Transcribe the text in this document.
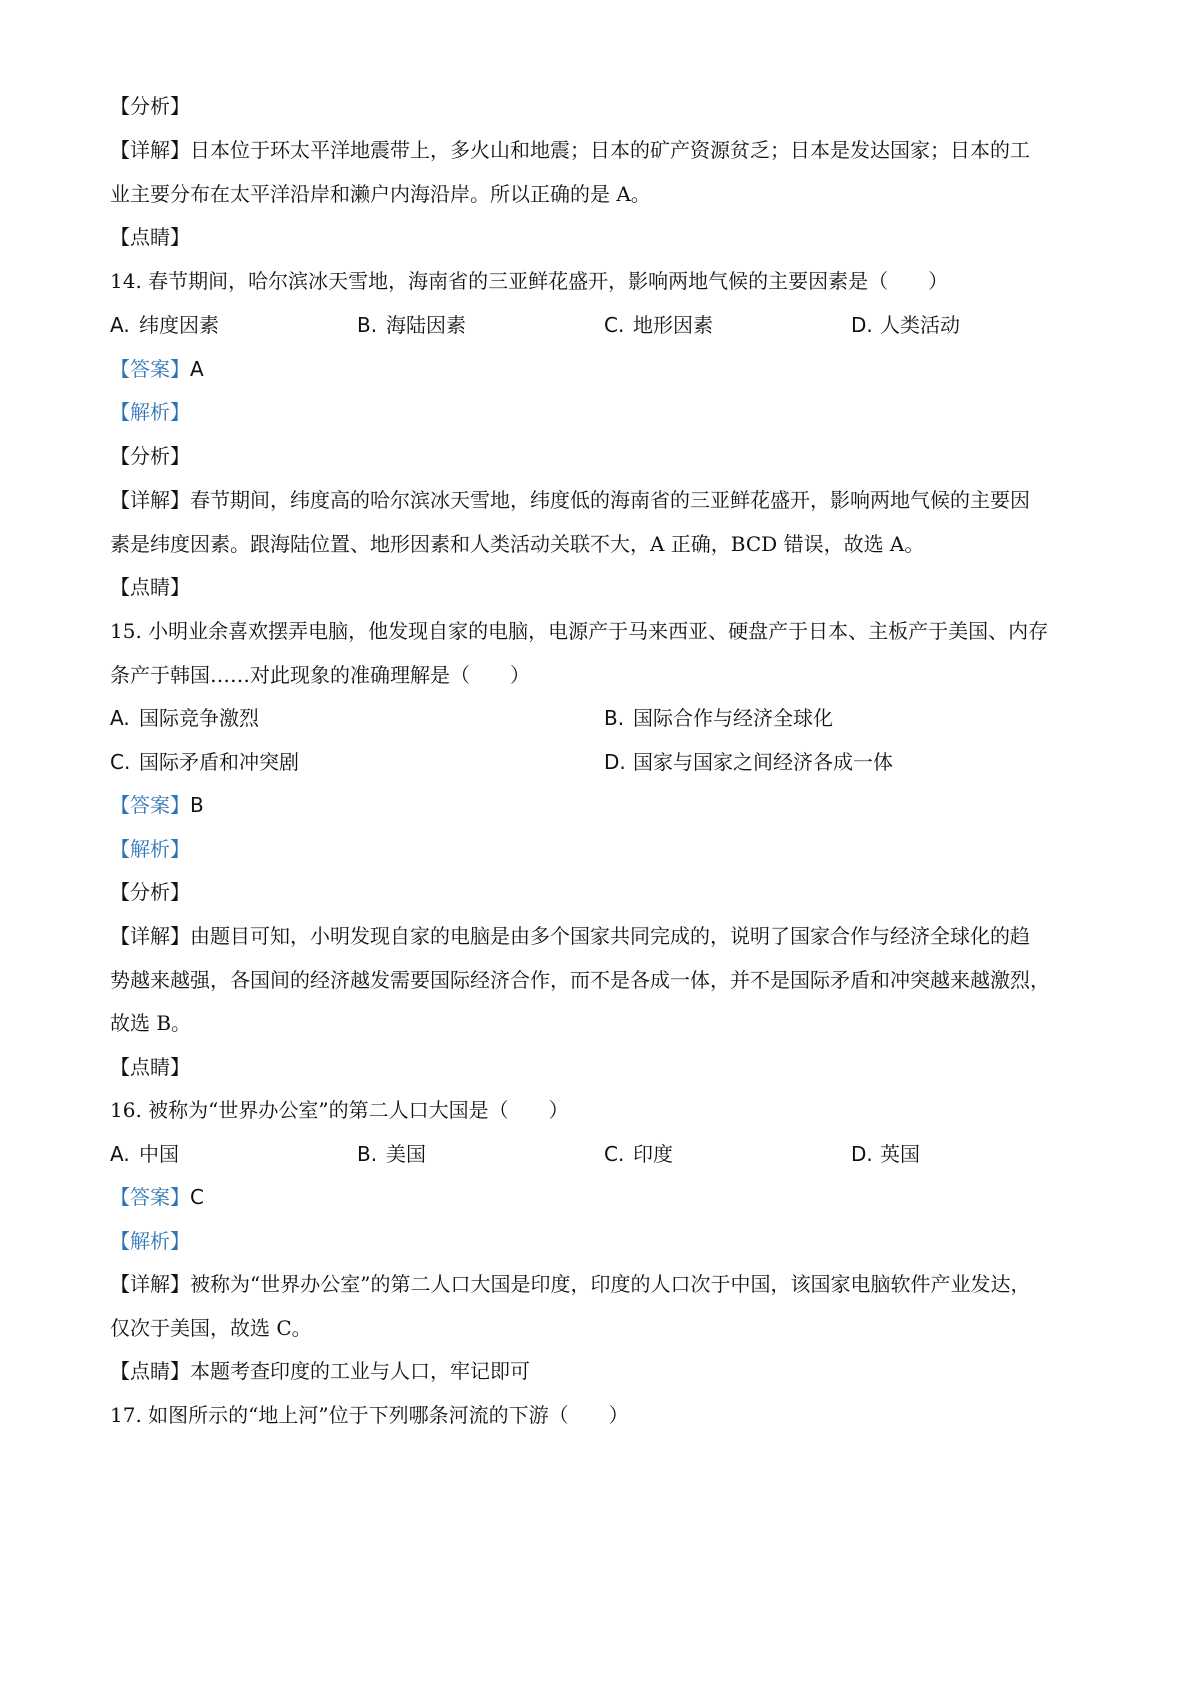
【分析】
【详解】日本位于环太平洋地震带上，多火山和地震；日本的矿产资源贫乏；日本是发达国家；日本的工
业主要分布在太平洋沿岸和濑户内海沿岸。所以正确的是 A。
【点睛】
14. 春节期间，哈尔滨冰天雪地，海南省的三亚鲜花盛开，影响两地气候的主要因素是（　　）
A. 纬度因素	B. 海陆因素	C. 地形因素	D. 人类活动
【答案】A
【解析】
【分析】
【详解】春节期间，纬度高的哈尔滨冰天雪地，纬度低的海南省的三亚鲜花盛开，影响两地气候的主要因
素是纬度因素。跟海陆位置、地形因素和人类活动关联不大，A 正确，BCD 错误，故选 A。
【点睛】
15. 小明业余喜欢摆弄电脑，他发现自家的电脑，电源产于马来西亚、硬盘产于日本、主板产于美国、内存
条产于韩国……对此现象的准确理解是（　　）
A. 国际竞争激烈	B. 国际合作与经济全球化
C. 国际矛盾和冲突剧	D. 国家与国家之间经济各成一体
【答案】B
【解析】
【分析】
【详解】由题目可知，小明发现自家的电脑是由多个国家共同完成的，说明了国家合作与经济全球化的趋
势越来越强，各国间的经济越发需要国际经济合作，而不是各成一体，并不是国际矛盾和冲突越来越激烈，
故选 B。
【点睛】
16. 被称为“世界办公室”的第二人口大国是（　　）
A. 中国	B. 美国	C. 印度	D. 英国
【答案】C
【解析】
【详解】被称为“世界办公室”的第二人口大国是印度，印度的人口次于中国，该国家电脑软件产业发达，
仅次于美国，故选 C。
【点睛】本题考查印度的工业与人口，牢记即可
17. 如图所示的“地上河”位于下列哪条河流的下游（　　）
